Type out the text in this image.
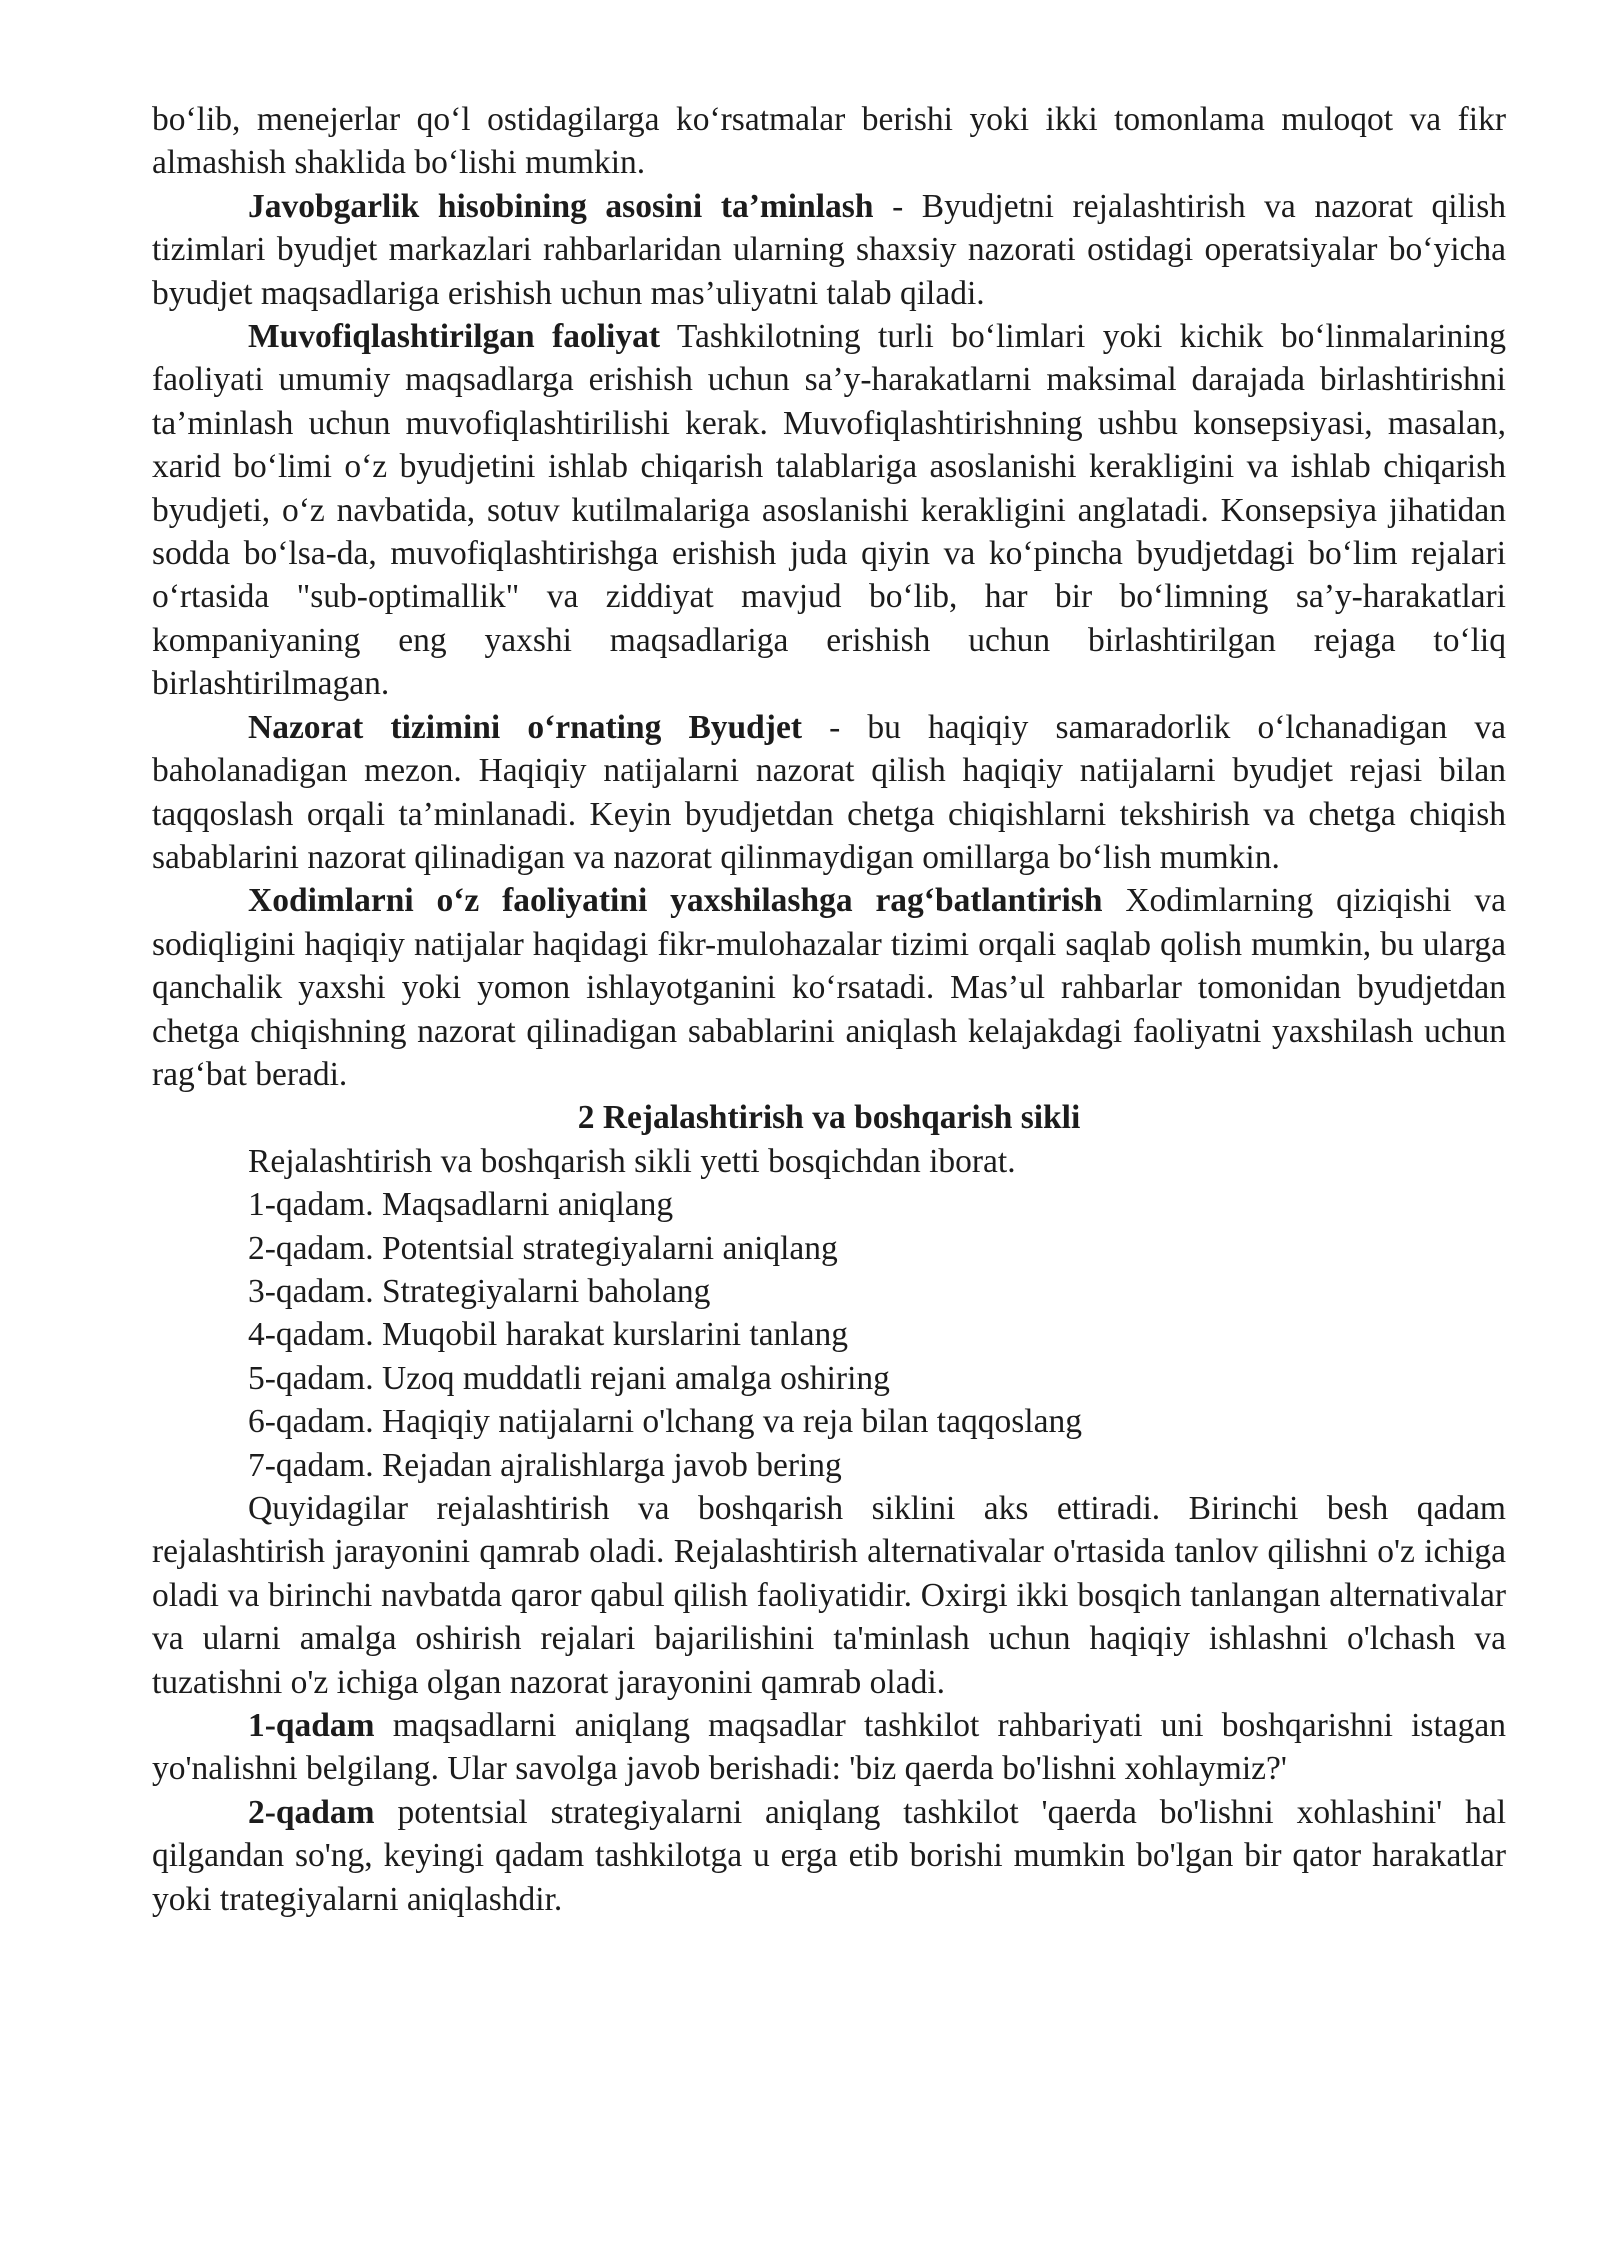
bo‘lib, menejerlar qo‘l ostidagilarga ko‘rsatmalar berishi yoki ikki tomonlama muloqot va fikr almashish shaklida bo‘lishi mumkin.

Javobgarlik hisobining asosini ta’minlash - Byudjetni rejalashtirish va nazorat qilish tizimlari byudjet markazlari rahbarlaridan ularning shaxsiy nazorati ostidagi operatsiyalar bo‘yicha byudjet maqsadlariga erishish uchun mas’uliyatni talab qiladi.

Muvofiqlashtirilgan faoliyat Tashkilotning turli bo‘limlari yoki kichik bo‘linmalarining faoliyati umumiy maqsadlarga erishish uchun sa’y-harakatlarni maksimal darajada birlashtirishni ta’minlash uchun muvofiqlashtirilishi kerak. Muvofiqlashtirishning ushbu konsepsiyasi, masalan, xarid bo‘limi o‘z byudjetini ishlab chiqarish talablariga asoslanishi kerakligini va ishlab chiqarish byudjeti, o‘z navbatida, sotuv kutilmalariga asoslanishi kerakligini anglatadi. Konsepsiya jihatidan sodda bo‘lsa-da, muvofiqlashtirishga erishish juda qiyin va ko‘pincha byudjetdagi bo‘lim rejalari o‘rtasida "sub-optimallik" va ziddiyat mavjud bo‘lib, har bir bo‘limning sa’y-harakatlari kompaniyaning eng yaxshi maqsadlariga erishish uchun birlashtirilgan rejaga to‘liq birlashtirilmagan.

Nazorat tizimini o‘rnating Byudjet - bu haqiqiy samaradorlik o‘lchanadigan va baholanadigan mezon. Haqiqiy natijalarni nazorat qilish haqiqiy natijalarni byudjet rejasi bilan taqqoslash orqali ta’minlanadi. Keyin byudjetdan chetga chiqishlarni tekshirish va chetga chiqish sabablarini nazorat qilinadigan va nazorat qilinmaydigan omillarga bo‘lish mumkin.

Xodimlarni o‘z faoliyatini yaxshilashga rag‘batlantirish Xodimlarning qiziqishi va sodiqligini haqiqiy natijalar haqidagi fikr-mulohazalar tizimi orqali saqlab qolish mumkin, bu ularga qanchalik yaxshi yoki yomon ishlayotganini ko‘rsatadi. Mas’ul rahbarlar tomonidan byudjetdan chetga chiqishning nazorat qilinadigan sabablarini aniqlash kelajakdagi faoliyatni yaxshilash uchun rag‘bat beradi.

2 Rejalashtirish va boshqarish sikli

Rejalashtirish va boshqarish sikli yetti bosqichdan iborat.

1-qadam. Maqsadlarni aniqlang

2-qadam. Potentsial strategiyalarni aniqlang

3-qadam. Strategiyalarni baholang

4-qadam. Muqobil harakat kurslarini tanlang

5-qadam. Uzoq muddatli rejani amalga oshiring

6-qadam. Haqiqiy natijalarni o'lchang va reja bilan taqqoslang

7-qadam. Rejadan ajralishlarga javob bering

Quyidagilar rejalashtirish va boshqarish siklini aks ettiradi. Birinchi besh qadam rejalashtirish jarayonini qamrab oladi. Rejalashtirish alternativalar o'rtasida tanlov qilishni o'z ichiga oladi va birinchi navbatda qaror qabul qilish faoliyatidir. Oxirgi ikki bosqich tanlangan alternativalar va ularni amalga oshirish rejalari bajarilishini ta'minlash uchun haqiqiy ishlashni o'lchash va tuzatishni o'z ichiga olgan nazorat jarayonini qamrab oladi.

1-qadam maqsadlarni aniqlang maqsadlar tashkilot rahbariyati uni boshqarishni istagan yo'nalishni belgilang. Ular savolga javob berishadi: 'biz qaerda bo'lishni xohlaymiz?'

2-qadam potentsial strategiyalarni aniqlang tashkilot 'qaerda bo'lishni xohlashini' hal qilgandan so'ng, keyingi qadam tashkilotga u erga etib borishi mumkin bo'lgan bir qator harakatlar yoki trategiyalarni aniqlashdir.
